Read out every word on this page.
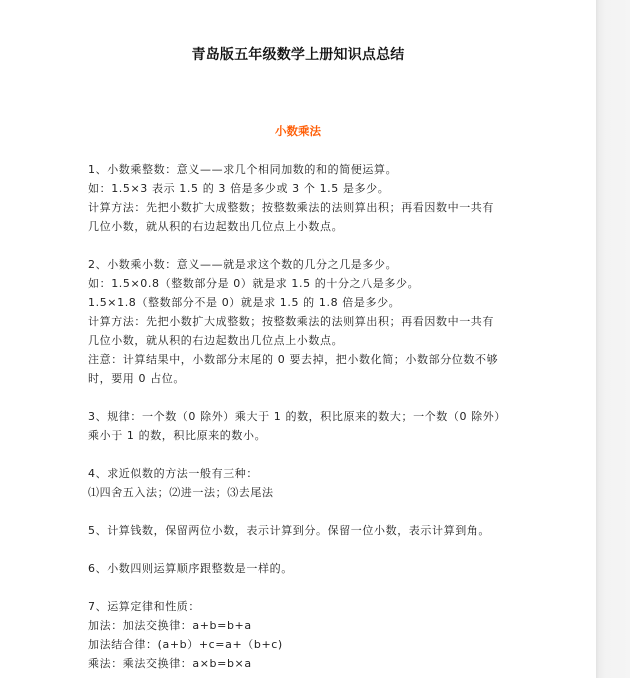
青岛版五年级数学上册知识点总结
小数乘法
1、小数乘整数：意义——求几个相同加数的和的简便运算。
如：1.5×3 表示 1.5 的 3 倍是多少或 3 个 1.5 是多少。
计算方法：先把小数扩大成整数；按整数乘法的法则算出积；再看因数中一共有
几位小数，就从积的右边起数出几位点上小数点。
2、小数乘小数：意义——就是求这个数的几分之几是多少。
如：1.5×0.8（整数部分是 0）就是求 1.5 的十分之八是多少。
1.5×1.8（整数部分不是 0）就是求 1.5 的 1.8 倍是多少。
计算方法：先把小数扩大成整数；按整数乘法的法则算出积；再看因数中一共有
几位小数，就从积的右边起数出几位点上小数点。
注意：计算结果中，小数部分末尾的 0 要去掉，把小数化简；小数部分位数不够
时，要用 0 占位。
3、规律：一个数（0 除外）乘大于 1 的数，积比原来的数大；一个数（0 除外）
乘小于 1 的数，积比原来的数小。
4、求近似数的方法一般有三种：
⑴四舍五入法；⑵进一法；⑶去尾法
5、计算钱数，保留两位小数，表示计算到分。保留一位小数，表示计算到角。
6、小数四则运算顺序跟整数是一样的。
7、运算定律和性质：
加法：加法交换律：a+b=b+a
加法结合律：(a+b）+c=a+（b+c)
乘法：乘法交换律：a×b=b×a
